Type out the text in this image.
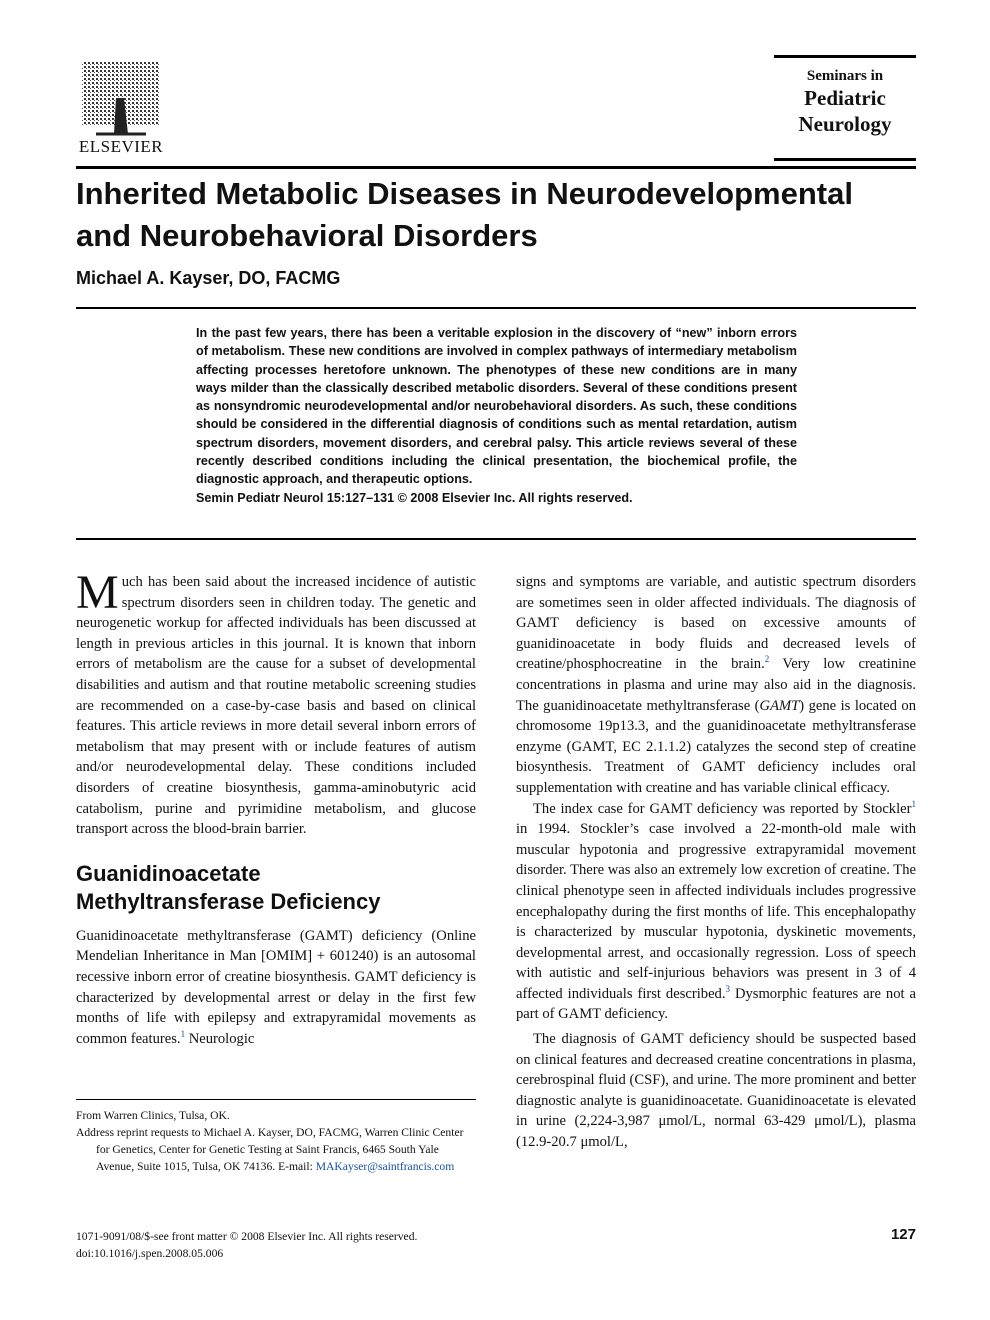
ELSEVIER
Seminars in
Pediatric
Neurology
Inherited Metabolic Diseases in Neurodevelopmental and Neurobehavioral Disorders
Michael A. Kayser, DO, FACMG
In the past few years, there has been a veritable explosion in the discovery of “new” inborn errors of metabolism. These new conditions are involved in complex pathways of intermediary metabolism affecting processes heretofore unknown. The phenotypes of these new conditions are in many ways milder than the classically described metabolic disorders. Several of these conditions present as nonsyndromic neurodevelopmental and/or neurobehavioral disorders. As such, these conditions should be considered in the differential diagnosis of conditions such as mental retardation, autism spectrum disorders, movement disorders, and cerebral palsy. This article reviews several of these recently described conditions including the clinical presentation, the biochemical profile, the diagnostic approach, and therapeutic options.
Semin Pediatr Neurol 15:127–131 © 2008 Elsevier Inc. All rights reserved.

Much has been said about the increased incidence of autistic spectrum disorders seen in children today. The genetic and neurogenetic workup for affected individuals has been discussed at length in previous articles in this journal. It is known that inborn errors of metabolism are the cause for a subset of developmental disabilities and autism and that routine metabolic screening studies are recommended on a case-by-case basis and based on clinical features. This article reviews in more detail several inborn errors of metabolism that may present with or include features of autism and/or neurodevelopmental delay. These conditions included disorders of creatine biosynthesis, gamma-aminobutyric acid catabolism, purine and pyrimidine metabolism, and glucose transport across the blood-brain barrier.

Guanidinoacetate
Methyltransferase Deficiency

Guanidinoacetate methyltransferase (GAMT) deficiency (Online Mendelian Inheritance in Man [OMIM] + 601240) is an autosomal recessive inborn error of creatine biosynthesis. GAMT deficiency is characterized by developmental arrest or delay in the first few months of life with epilepsy and extrapyramidal movements as common features.$^1$ Neurologic

signs and symptoms are variable, and autistic spectrum disorders are sometimes seen in older affected individuals. The diagnosis of GAMT deficiency is based on excessive amounts of guanidinoacetate in body fluids and decreased levels of creatine/phosphocreatine in the brain.$^2$ Very low creatinine concentrations in plasma and urine may also aid in the diagnosis. The guanidinoacetate methyltransferase (GAMT) gene is located on chromosome 19p13.3, and the guanidinoacetate methyltransferase enzyme (GAMT, EC 2.1.1.2) catalyzes the second step of creatine biosynthesis. Treatment of GAMT deficiency includes oral supplementation with creatine and has variable clinical efficacy.

The index case for GAMT deficiency was reported by Stockler$^1$ in 1994. Stockler’s case involved a 22-month-old male with muscular hypotonia and progressive extrapyramidal movement disorder. There was also an extremely low excretion of creatine. The clinical phenotype seen in affected individuals includes progressive encephalopathy during the first months of life. This encephalopathy is characterized by muscular hypotonia, dyskinetic movements, developmental arrest, and occasionally regression. Loss of speech with autistic and self-injurious behaviors was present in 3 of 4 affected individuals first described.$^3$ Dysmorphic features are not a part of GAMT deficiency.

The diagnosis of GAMT deficiency should be suspected based on clinical features and decreased creatine concentrations in plasma, cerebrospinal fluid (CSF), and urine. The more prominent and better diagnostic analyte is guanidinoacetate. Guanidinoacetate is elevated in urine (2,224-3,987 μmol/L, normal 63-429 μmol/L), plasma (12.9-20.7 μmol/L,

From Warren Clinics, Tulsa, OK.

Address reprint requests to Michael A. Kayser, DO, FACMG, Warren Clinic Center for Genetics, Center for Genetic Testing at Saint Francis, 6465 South Yale Avenue, Suite 1015, Tulsa, OK 74136. E-mail: MAKayser@saintfrancis.com

1071-9091/08/$-see front matter © 2008 Elsevier Inc. All rights reserved.
doi:10.1016/j.spen.2008.05.006
127
